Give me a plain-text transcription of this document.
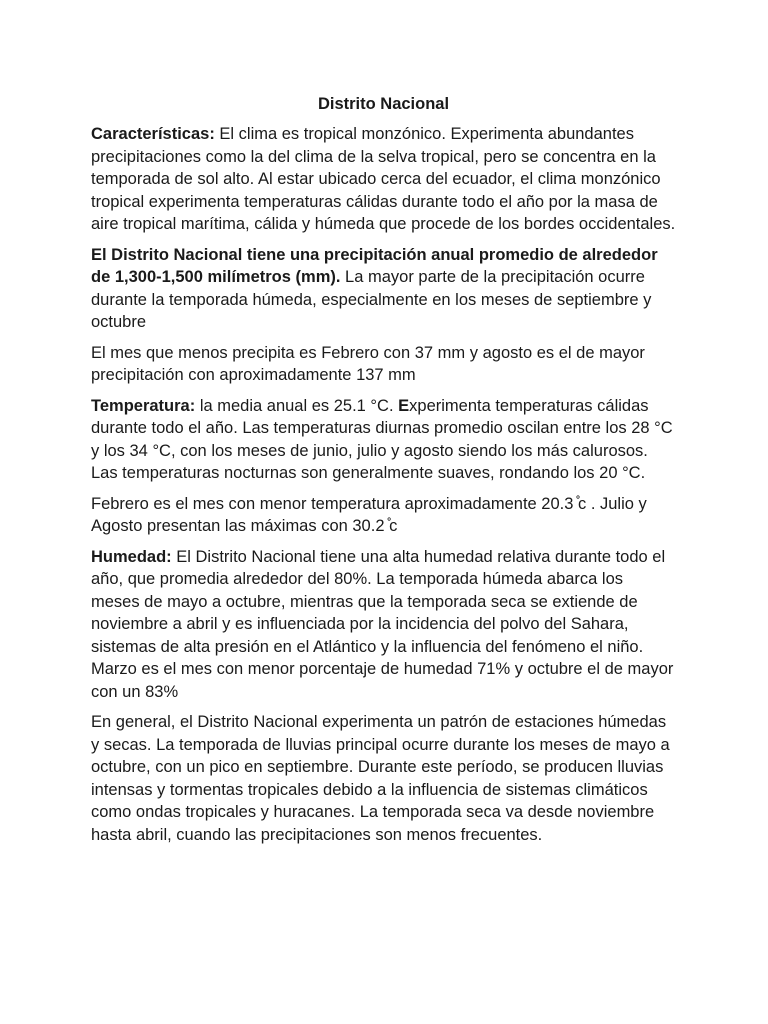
Distrito Nacional

Características: El clima es tropical monzónico. Experimenta abundantes precipitaciones como la del clima de la selva tropical, pero se concentra en la temporada de sol alto. Al estar ubicado cerca del ecuador, el clima monzónico tropical experimenta temperaturas cálidas durante todo el año por la masa de aire tropical marítima, cálida y húmeda que procede de los bordes occidentales.

El Distrito Nacional tiene una precipitación anual promedio de alrededor de 1,300-1,500 milímetros (mm). La mayor parte de la precipitación ocurre durante la temporada húmeda, especialmente en los meses de septiembre y octubre

El mes que menos precipita es Febrero con 37 mm y agosto es el de mayor precipitación con aproximadamente 137 mm

Temperatura: la media anual es 25.1 °C. Experimenta temperaturas cálidas durante todo el año. Las temperaturas diurnas promedio oscilan entre los 28 °C y los 34 °C, con los meses de junio, julio y agosto siendo los más calurosos. Las temperaturas nocturnas son generalmente suaves, rondando los 20 °C.

Febrero es el mes con menor temperatura aproximadamente 20.3 ̊c . Julio y Agosto presentan las máximas con 30.2 ̊c

Humedad: El Distrito Nacional tiene una alta humedad relativa durante todo el año, que promedia alrededor del 80%. La temporada húmeda abarca los meses de mayo a octubre, mientras que la temporada seca se extiende de noviembre a abril y es influenciada por la incidencia del polvo del Sahara, sistemas de alta presión en el Atlántico y la influencia del fenómeno el niño. Marzo es el mes con menor porcentaje de humedad 71% y octubre el de mayor con un 83%

En general, el Distrito Nacional experimenta un patrón de estaciones húmedas y secas. La temporada de lluvias principal ocurre durante los meses de mayo a octubre, con un pico en septiembre. Durante este período, se producen lluvias intensas y tormentas tropicales debido a la influencia de sistemas climáticos como ondas tropicales y huracanes. La temporada seca va desde noviembre hasta abril, cuando las precipitaciones son menos frecuentes.
